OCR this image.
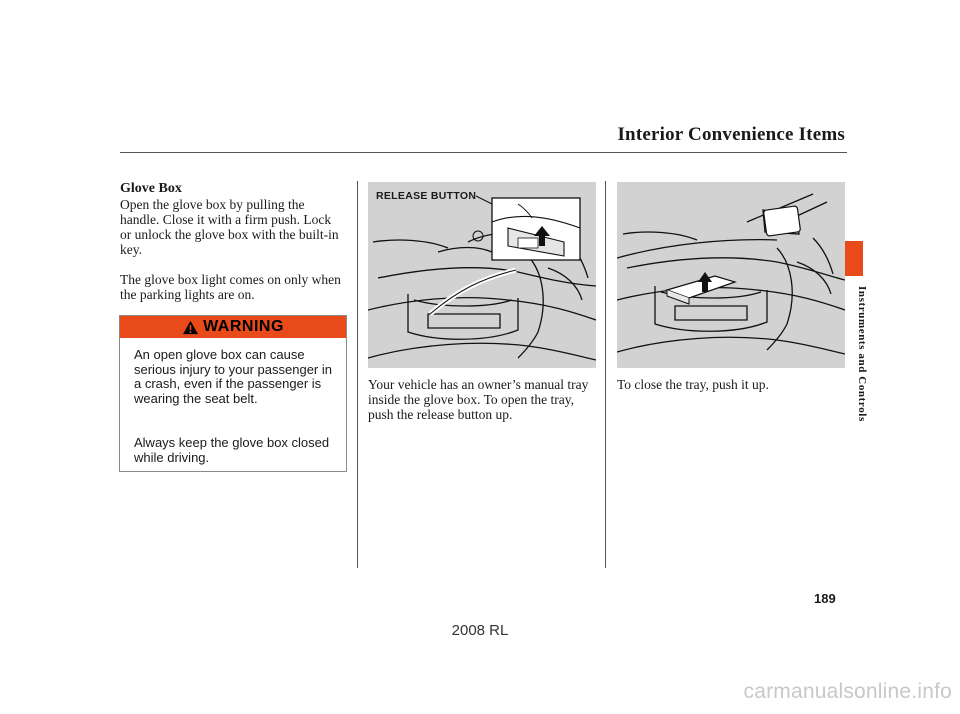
Interior Convenience Items
Instruments and Controls
Glove Box
Open the glove box by pulling the handle. Close it with a firm push. Lock or unlock the glove box with the built-in key.
The glove box light comes on only when the parking lights are on.
WARNING
An open glove box can cause serious injury to your passenger in a crash, even if the passenger is wearing the seat belt.
Always keep the glove box closed while driving.
RELEASE BUTTON
Your vehicle has an owner’s manual tray inside the glove box. To open the tray, push the release button up.
To close the tray, push it up.
189
2008 RL
carmanualsonline.info
